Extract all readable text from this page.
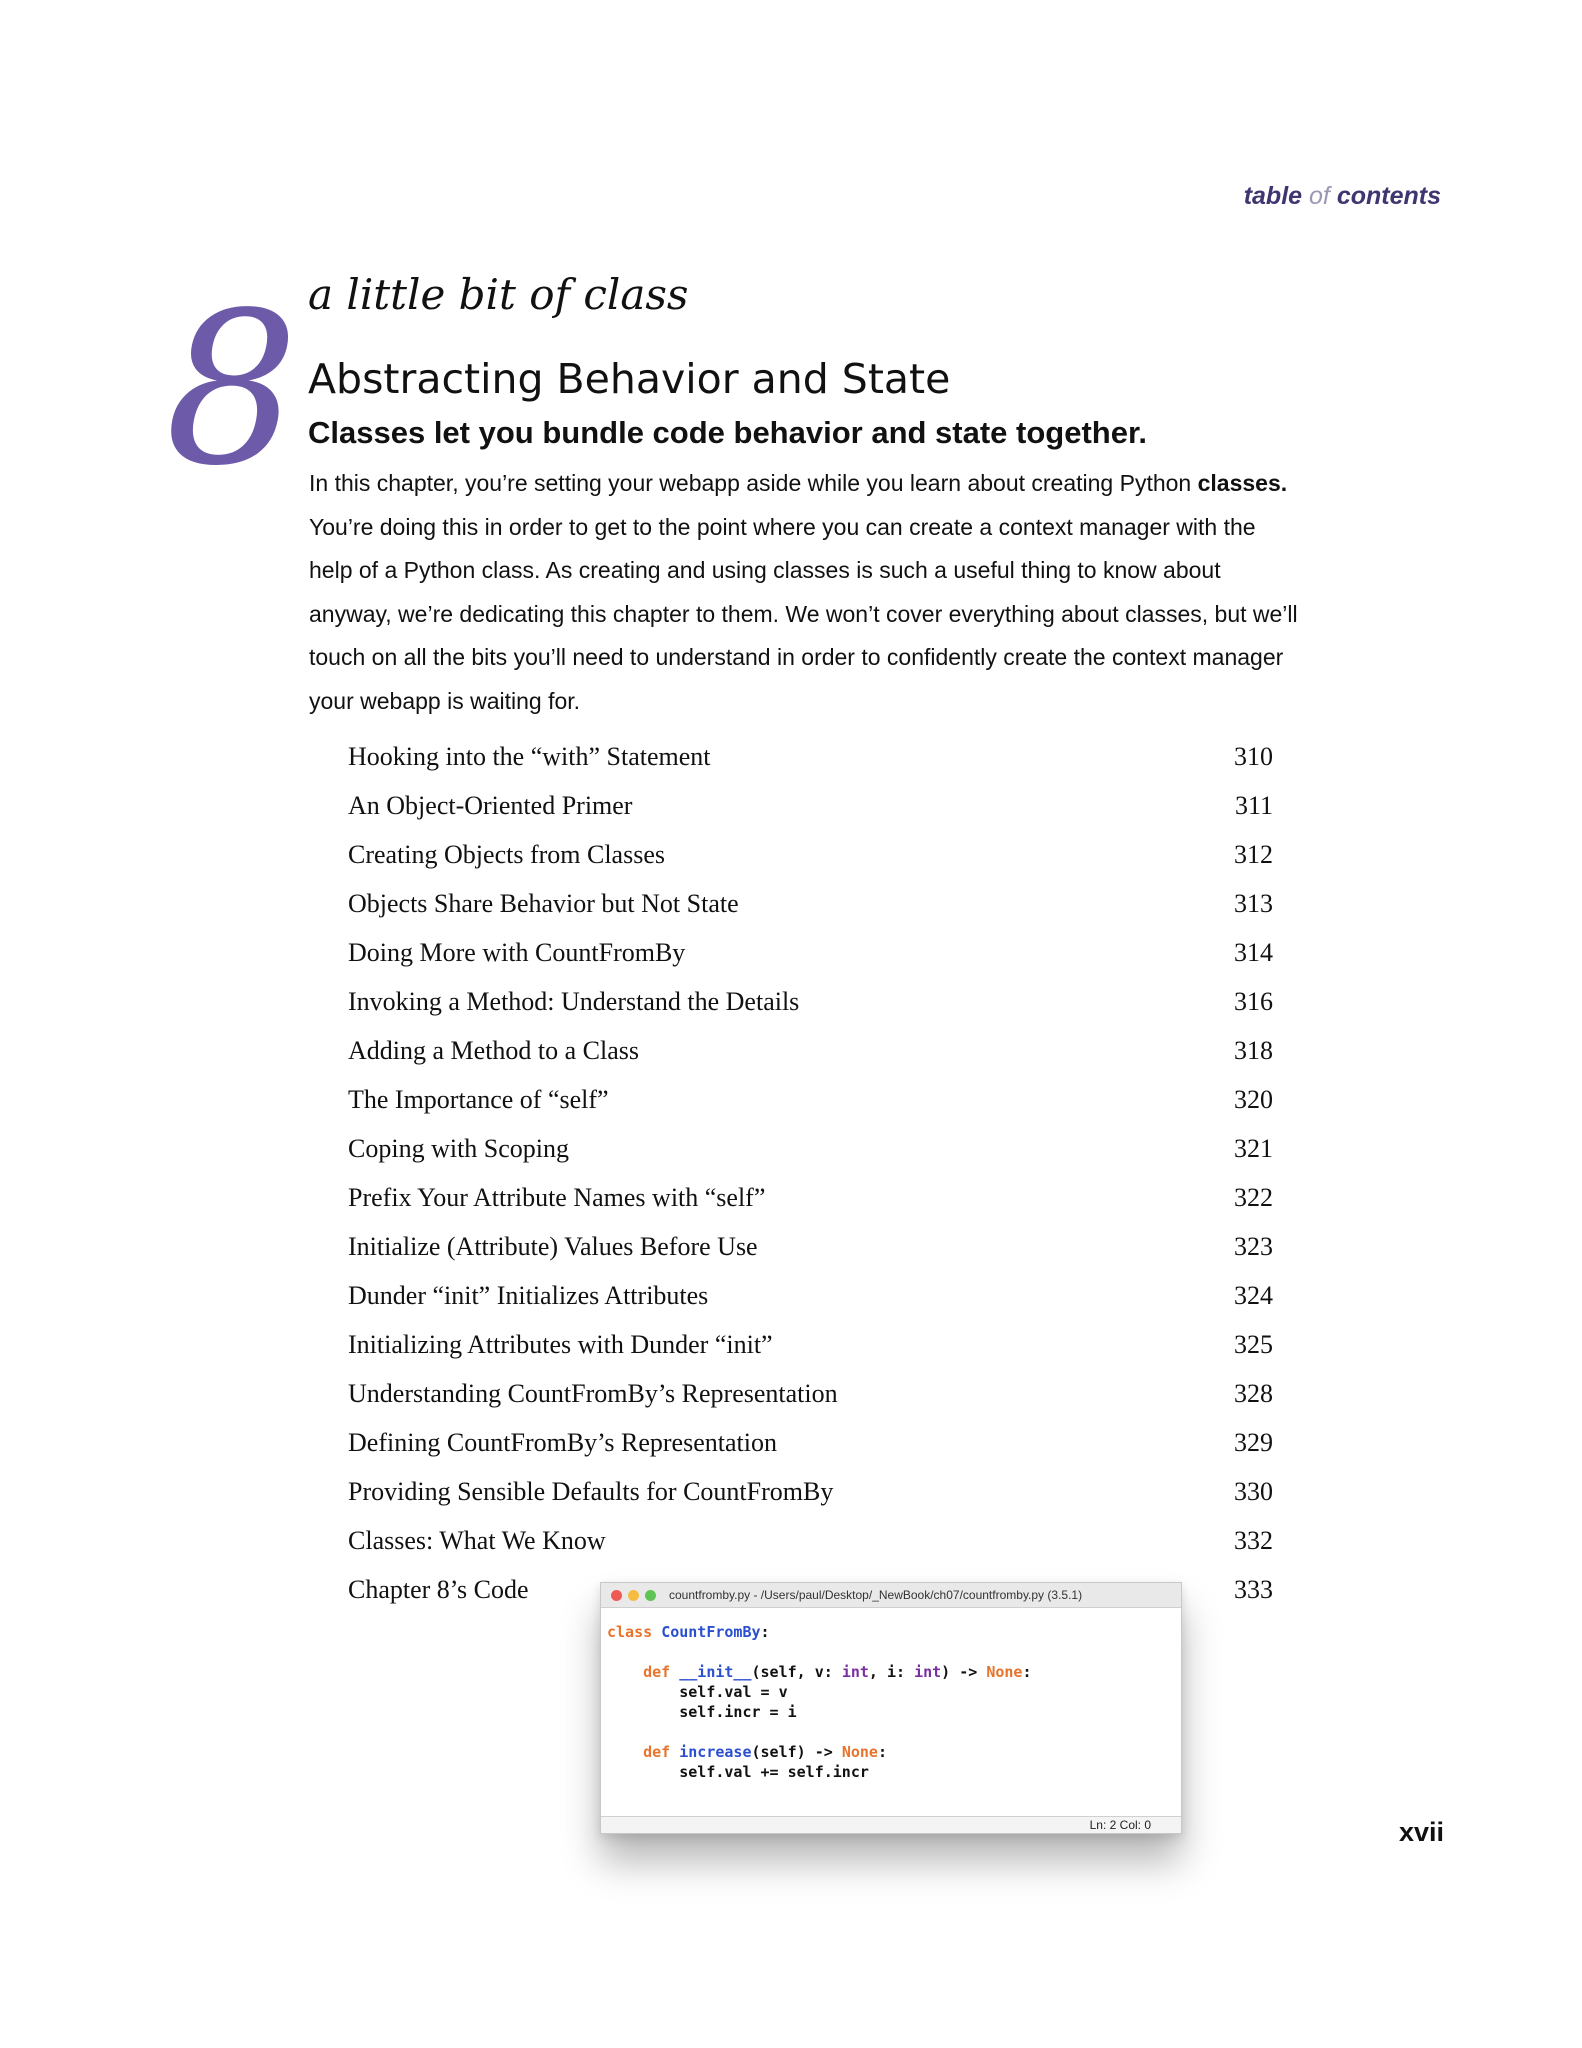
table of contents
8 a little bit of class
Abstracting Behavior and State
Classes let you bundle code behavior and state together.
In this chapter, you’re setting your webapp aside while you learn about creating Python classes.
You’re doing this in order to get to the point where you can create a context manager with the
help of a Python class. As creating and using classes is such a useful thing to know about
anyway, we’re dedicating this chapter to them. We won’t cover everything about classes, but we’ll
touch on all the bits you’ll need to understand in order to confidently create the context manager
your webapp is waiting for.
Hooking into the “with” Statement	310
An Object-Oriented Primer	311
Creating Objects from Classes	312
Objects Share Behavior but Not State	313
Doing More with CountFromBy	314
Invoking a Method: Understand the Details	316
Adding a Method to a Class	318
The Importance of “self”	320
Coping with Scoping	321
Prefix Your Attribute Names with “self”	322
Initialize (Attribute) Values Before Use	323
Dunder “init” Initializes Attributes	324
Initializing Attributes with Dunder “init”	325
Understanding CountFromBy’s Representation	328
Defining CountFromBy’s Representation	329
Providing Sensible Defaults for CountFromBy	330
Classes: What We Know	332
Chapter 8’s Code	333
countfromby.py - /Users/paul/Desktop/_NewBook/ch07/countfromby.py (3.5.1)
class CountFromBy:

def __init__(self, v: int, i: int) -> None:
self.val = v
self.incr = i

def increase(self) -> None:
self.val += self.incr
Ln: 2 Col: 0	xvii
